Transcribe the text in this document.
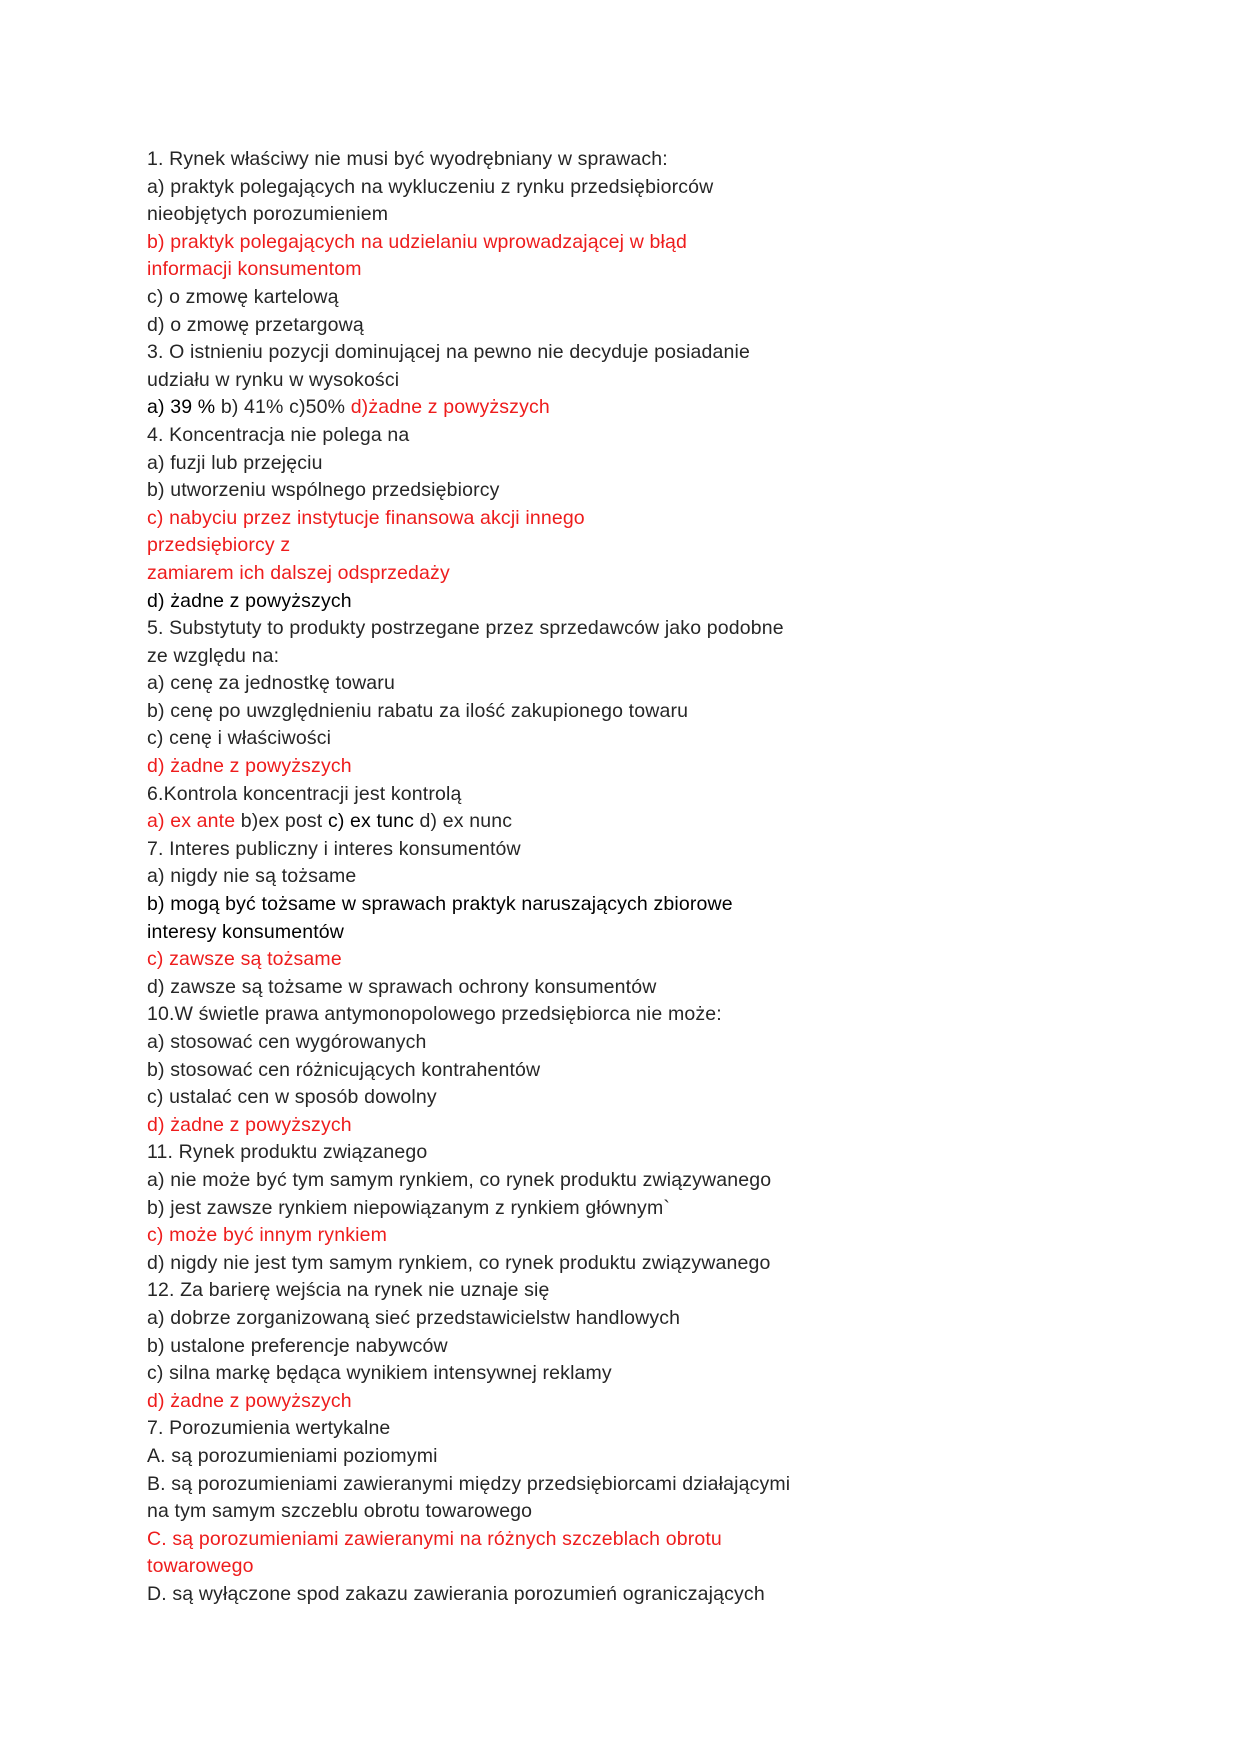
1. Rynek właściwy nie musi być wyodrębniany w sprawach:
a) praktyk polegających na wykluczeniu z rynku przedsiębiorców
nieobjętych porozumieniem
b) praktyk polegających na udzielaniu wprowadzającej w błąd
informacji konsumentom
c) o zmowę kartelową
d) o zmowę przetargową
3. O istnieniu pozycji dominującej na pewno nie decyduje posiadanie
udziału w rynku w wysokości
a) 39 % b) 41% c)50% d)żadne z powyższych
4. Koncentracja nie polega na
a) fuzji lub przejęciu
b) utworzeniu wspólnego przedsiębiorcy
c) nabyciu przez instytucje finansowa akcji innego
przedsiębiorcy z
zamiarem ich dalszej odsprzedaży
d) żadne z powyższych
5. Substytuty to produkty postrzegane przez sprzedawców jako podobne
ze względu na:
a) cenę za jednostkę towaru
b) cenę po uwzględnieniu rabatu za ilość zakupionego towaru
c) cenę i właściwości
d) żadne z powyższych
6.Kontrola koncentracji jest kontrolą
a) ex ante b)ex post c) ex tunc d) ex nunc
7. Interes publiczny i interes konsumentów
a) nigdy nie są tożsame
b) mogą być tożsame w sprawach praktyk naruszających zbiorowe
interesy konsumentów
c) zawsze są tożsame
d) zawsze są tożsame w sprawach ochrony konsumentów
10.W świetle prawa antymonopolowego przedsiębiorca nie może:
a) stosować cen wygórowanych
b) stosować cen różnicujących kontrahentów
c) ustalać cen w sposób dowolny
d) żadne z powyższych
11. Rynek produktu związanego
a) nie może być tym samym rynkiem, co rynek produktu związywanego
b) jest zawsze rynkiem niepowiązanym z rynkiem głównym`
c) może być innym rynkiem
d) nigdy nie jest tym samym rynkiem, co rynek produktu związywanego
12. Za barierę wejścia na rynek nie uznaje się
a) dobrze zorganizowaną sieć przedstawicielstw handlowych
b) ustalone preferencje nabywców
c) silna markę będąca wynikiem intensywnej reklamy
d) żadne z powyższych
7. Porozumienia wertykalne
A. są porozumieniami poziomymi
B. są porozumieniami zawieranymi między przedsiębiorcami działającymi
na tym samym szczeblu obrotu towarowego
C. są porozumieniami zawieranymi na różnych szczeblach obrotu
towarowego
D. są wyłączone spod zakazu zawierania porozumień ograniczających
